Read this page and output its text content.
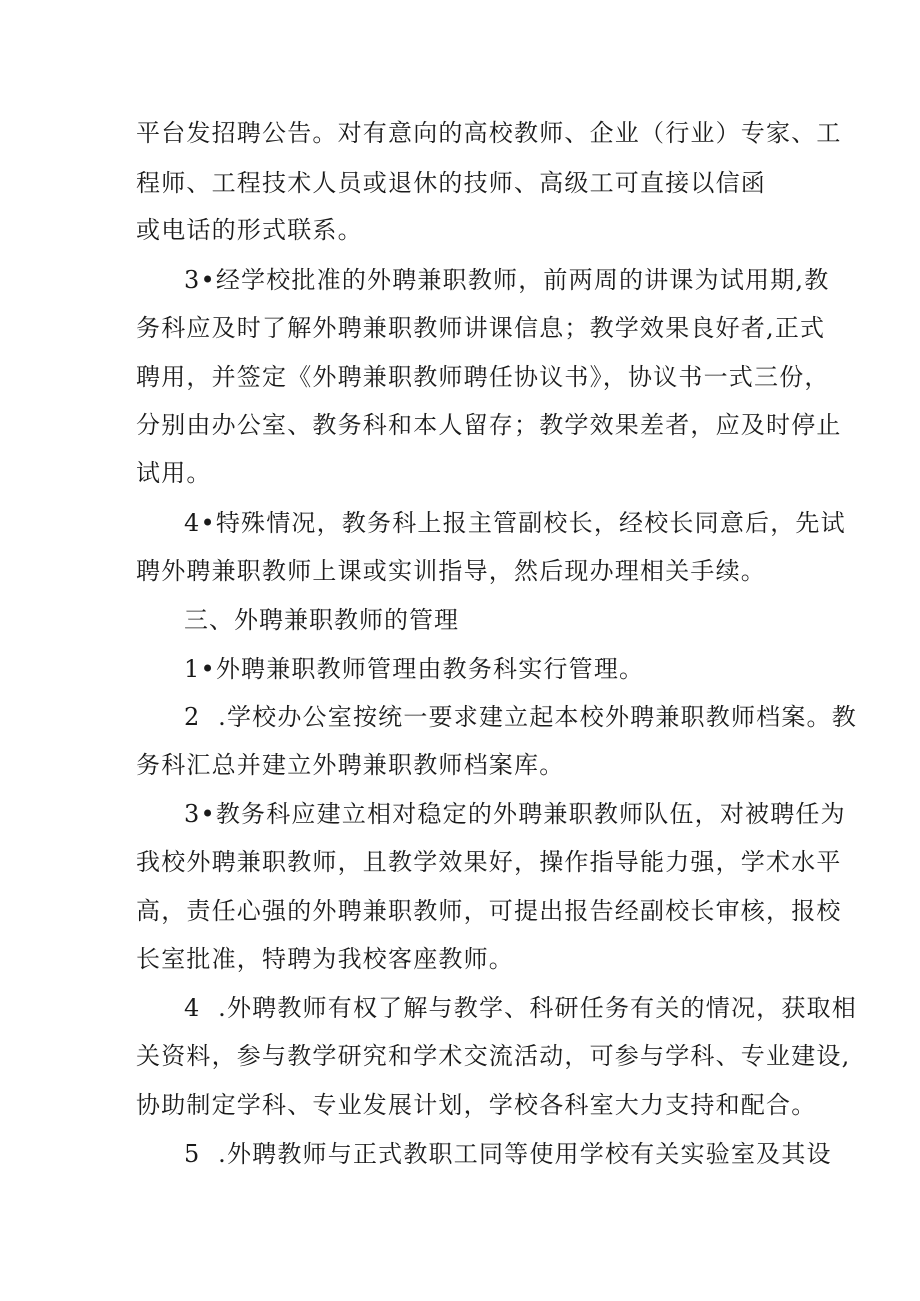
平台发招聘公告。对有意向的高校教师、企业（行业）专家、工
程师、工程技术人员或退休的技师、高级工可直接以信函
或电话的形式联系。
3•经学校批准的外聘兼职教师，前两周的讲课为试用期,教
务科应及时了解外聘兼职教师讲课信息；教学效果良好者,正式
聘用，并签定《外聘兼职教师聘任协议书》，协议书一式三份，
分别由办公室、教务科和本人留存；教学效果差者，应及时停止
试用。
4•特殊情况，教务科上报主管副校长，经校长同意后，先试
聘外聘兼职教师上课或实训指导，然后现办理相关手续。
三、外聘兼职教师的管理
1•外聘兼职教师管理由教务科实行管理。
2  .学校办公室按统一要求建立起本校外聘兼职教师档案。教
务科汇总并建立外聘兼职教师档案库。
3•教务科应建立相对稳定的外聘兼职教师队伍，对被聘任为
我校外聘兼职教师，且教学效果好，操作指导能力强，学术水平
高，责任心强的外聘兼职教师，可提出报告经副校长审核，报校
长室批准，特聘为我校客座教师。
4  .外聘教师有权了解与教学、科研任务有关的情况，获取相
关资料，参与教学研究和学术交流活动，可参与学科、专业建设,
协助制定学科、专业发展计划，学校各科室大力支持和配合。
5  .外聘教师与正式教职工同等使用学校有关实验室及其设
